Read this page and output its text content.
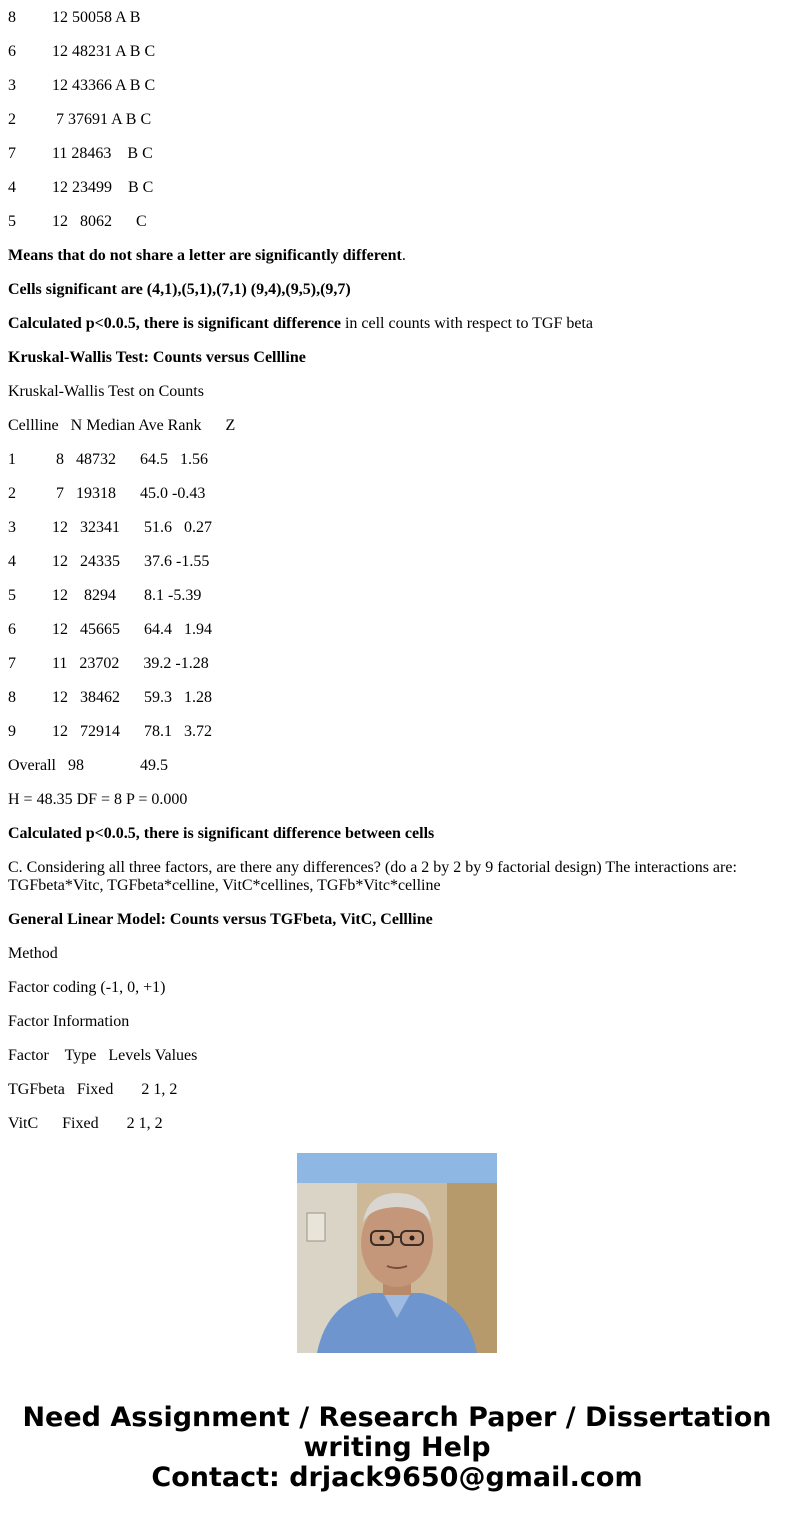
8         12 50058 A B

6         12 48231 A B C

3         12 43366 A B C

2          7 37691 A B C

7         11 28463    B C

4         12 23499    B C

5         12   8062      C

Means that do not share a letter are significantly different.

Cells significant are (4,1),(5,1),(7,1) (9,4),(9,5),(9,7)

Calculated p<0.0.5, there is significant difference in cell counts with respect to TGF beta

Kruskal-Wallis Test: Counts versus Cellline

Kruskal-Wallis Test on Counts

Cellline   N Median Ave Rank      Z

1          8   48732      64.5   1.56

2          7   19318      45.0 -0.43

3         12   32341      51.6   0.27

4         12   24335      37.6 -1.55

5         12    8294       8.1 -5.39

6         12   45665      64.4   1.94

7         11   23702      39.2 -1.28

8         12   38462      59.3   1.28

9         12   72914      78.1   3.72

Overall   98              49.5

H = 48.35 DF = 8 P = 0.000

Calculated p<0.0.5, there is significant difference between cells

C. Considering all three factors, are there any differences? (do a 2 by 2 by 9 factorial design) The interactions are: TGFbeta*Vitc, TGFbeta*celline, VitC*cellines, TGFb*Vitc*celline

General Linear Model: Counts versus TGFbeta, VitC, Cellline

Method

Factor coding (-1, 0, +1)

Factor Information

Factor    Type   Levels Values

TGFbeta   Fixed       2 1, 2

VitC      Fixed       2 1, 2

Need Assignment / Research Paper / Dissertation
writing Help
Contact: drjack9650@gmail.com
